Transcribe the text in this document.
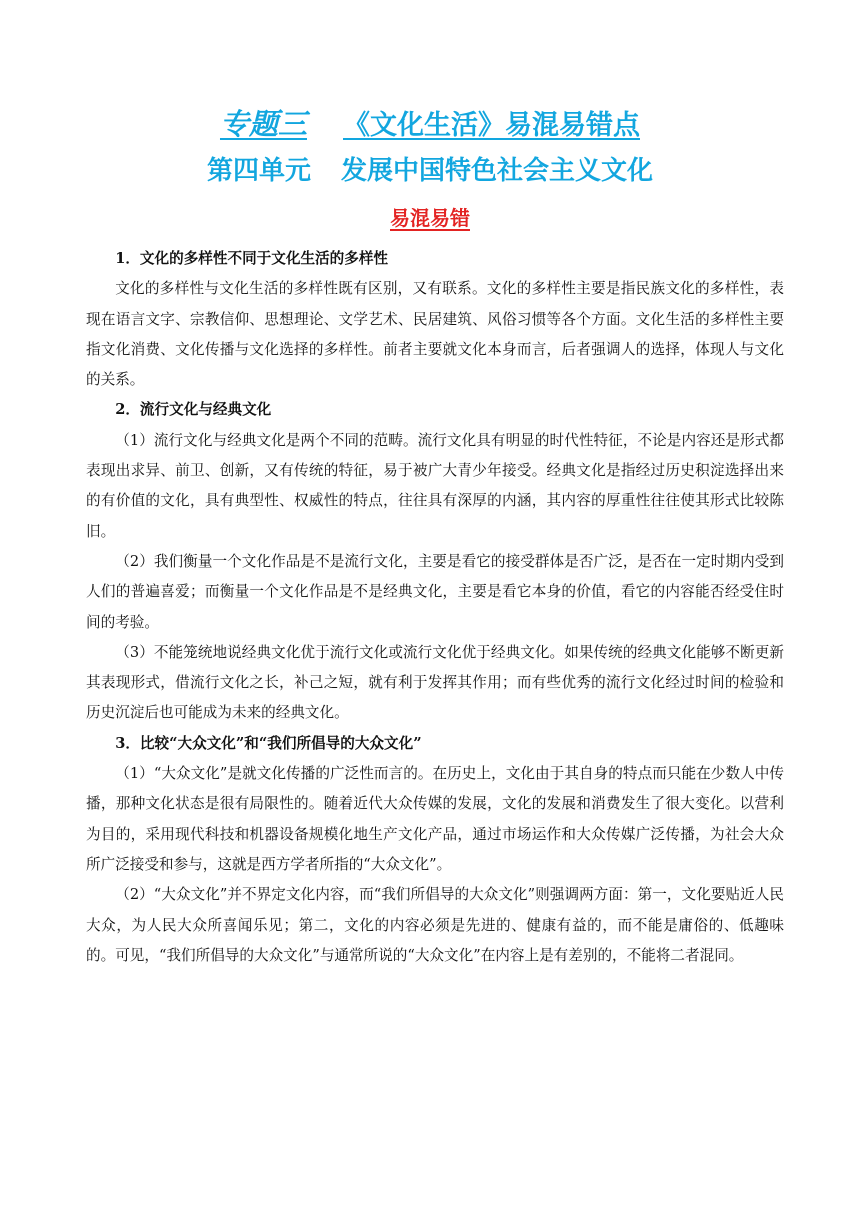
专题三 《文化生活》易混易错点
第四单元 发展中国特色社会主义文化
易混易错

1．文化的多样性不同于文化生活的多样性

文化的多样性与文化生活的多样性既有区别，又有联系。文化的多样性主要是指民族文化的多样性，表现在语言文字、宗教信仰、思想理论、文学艺术、民居建筑、风俗习惯等各个方面。文化生活的多样性主要指文化消费、文化传播与文化选择的多样性。前者主要就文化本身而言，后者强调人的选择，体现人与文化的关系。

2．流行文化与经典文化

（1）流行文化与经典文化是两个不同的范畴。流行文化具有明显的时代性特征，不论是内容还是形式都表现出求异、前卫、创新，又有传统的特征，易于被广大青少年接受。经典文化是指经过历史积淀选择出来的有价值的文化，具有典型性、权威性的特点，往往具有深厚的内涵，其内容的厚重性往往使其形式比较陈旧。

（2）我们衡量一个文化作品是不是流行文化，主要是看它的接受群体是否广泛，是否在一定时期内受到人们的普遍喜爱；而衡量一个文化作品是不是经典文化，主要是看它本身的价值，看它的内容能否经受住时间的考验。

（3）不能笼统地说经典文化优于流行文化或流行文化优于经典文化。如果传统的经典文化能够不断更新其表现形式，借流行文化之长，补己之短，就有利于发挥其作用；而有些优秀的流行文化经过时间的检验和历史沉淀后也可能成为未来的经典文化。

3．比较“大众文化”和“我们所倡导的大众文化”

（1）“大众文化”是就文化传播的广泛性而言的。在历史上，文化由于其自身的特点而只能在少数人中传播，那种文化状态是很有局限性的。随着近代大众传媒的发展，文化的发展和消费发生了很大变化。以营利为目的，采用现代科技和机器设备规模化地生产文化产品，通过市场运作和大众传媒广泛传播，为社会大众所广泛接受和参与，这就是西方学者所指的“大众文化”。

（2）“大众文化”并不界定文化内容，而“我们所倡导的大众文化”则强调两方面：第一，文化要贴近人民大众，为人民大众所喜闻乐见；第二，文化的内容必须是先进的、健康有益的，而不能是庸俗的、低趣味的。可见，“我们所倡导的大众文化”与通常所说的“大众文化”在内容上是有差别的，不能将二者混同。
